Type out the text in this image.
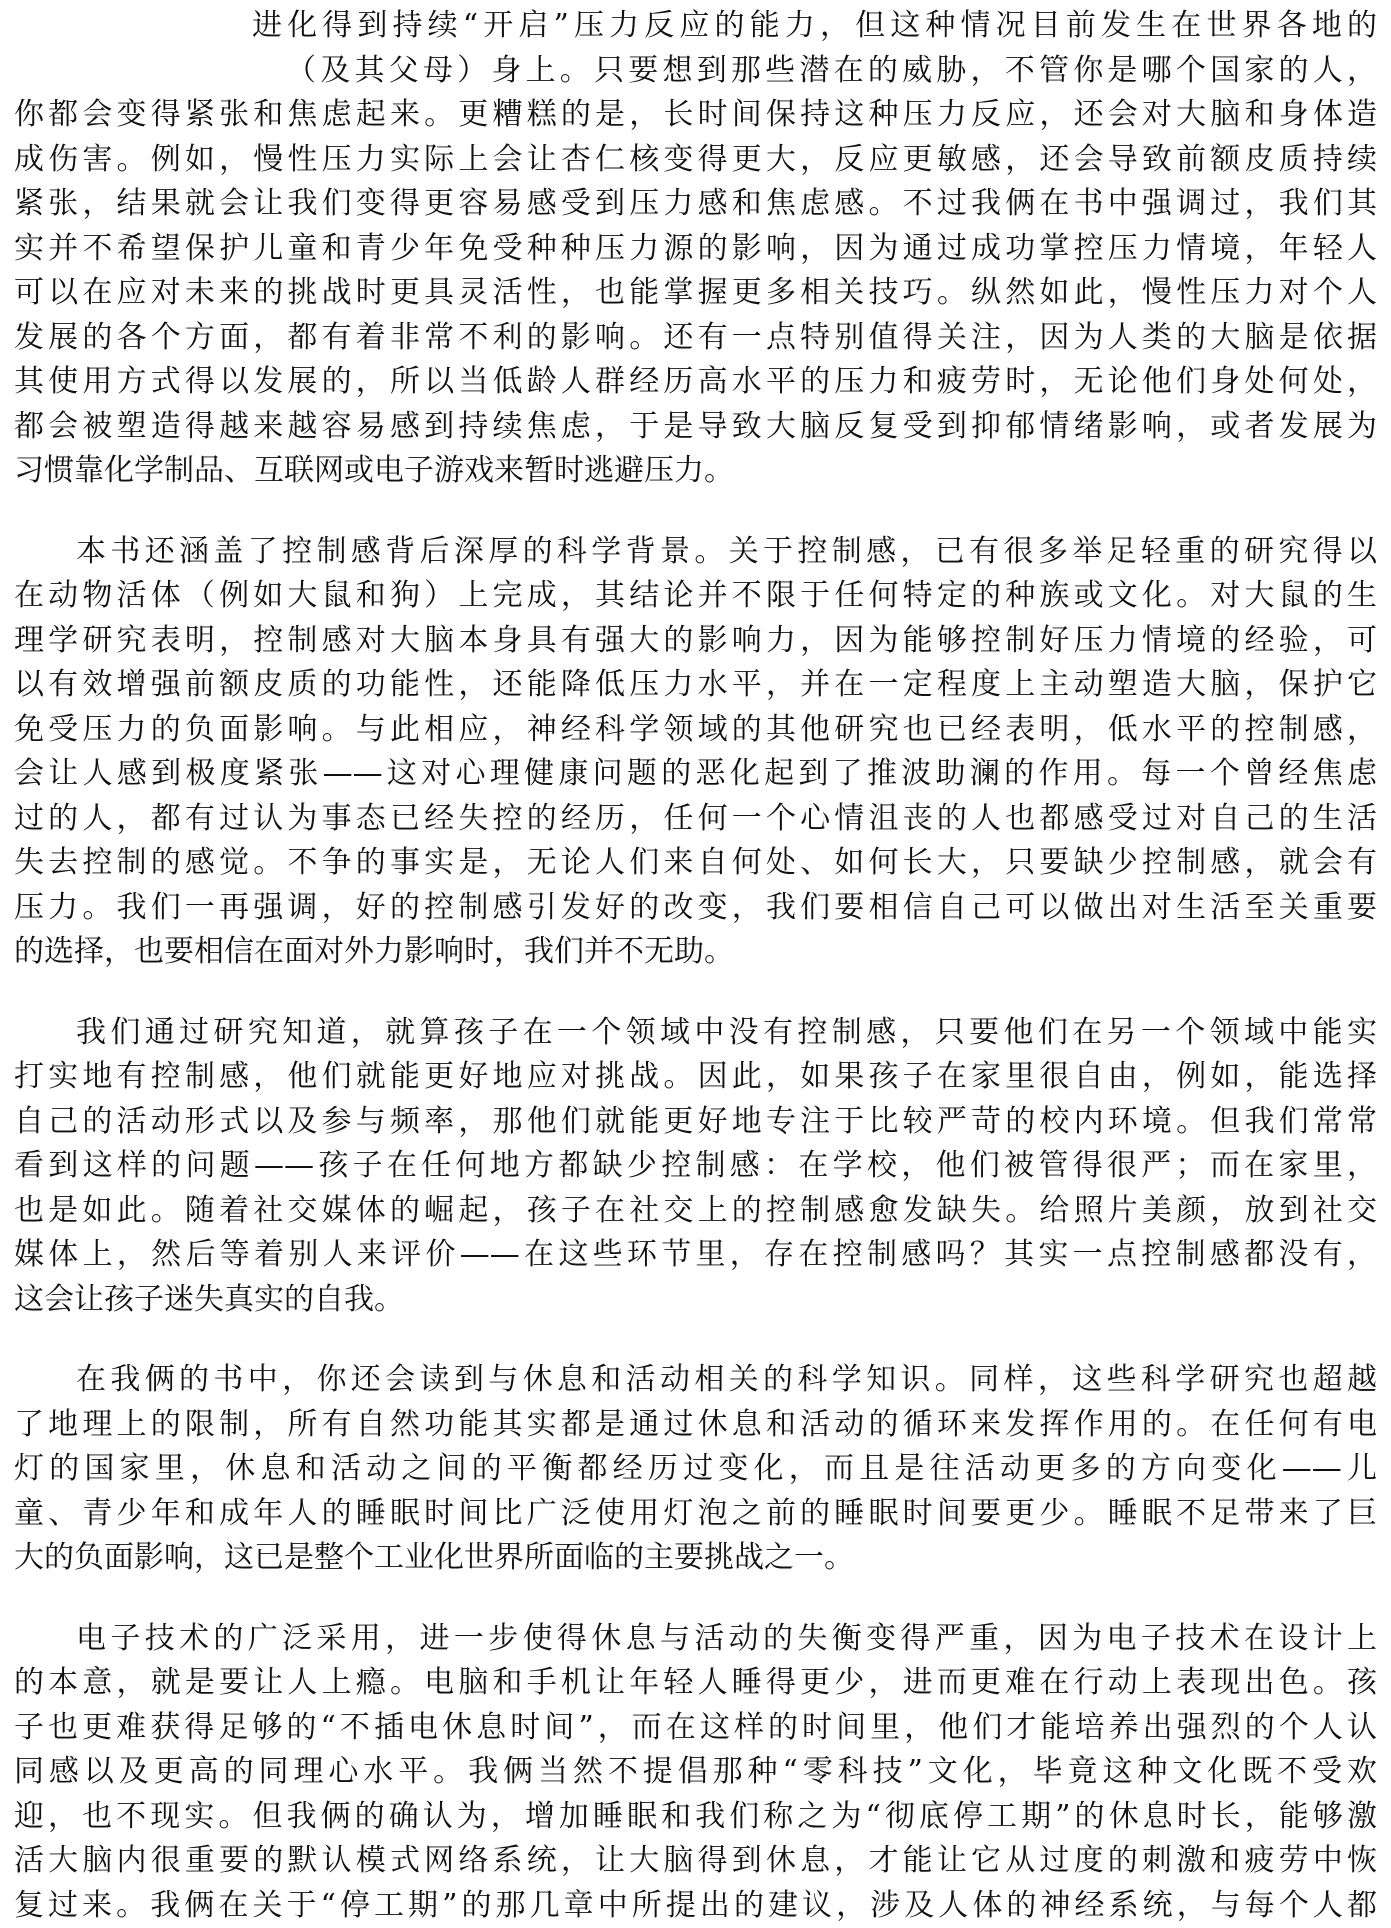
进化得到持续“开启”压力反应的能力，但这种情况目前发生在世界各地的
（及其父母）身上。只要想到那些潜在的威胁，不管你是哪个国家的人，
你都会变得紧张和焦虑起来。更糟糕的是，长时间保持这种压力反应，还会对大脑和身体造
成伤害。例如，慢性压力实际上会让杏仁核变得更大，反应更敏感，还会导致前额皮质持续
紧张，结果就会让我们变得更容易感受到压力感和焦虑感。不过我俩在书中强调过，我们其
实并不希望保护儿童和青少年免受种种压力源的影响，因为通过成功掌控压力情境，年轻人
可以在应对未来的挑战时更具灵活性，也能掌握更多相关技巧。纵然如此，慢性压力对个人
发展的各个方面，都有着非常不利的影响。还有一点特别值得关注，因为人类的大脑是依据
其使用方式得以发展的，所以当低龄人群经历高水平的压力和疲劳时，无论他们身处何处，
都会被塑造得越来越容易感到持续焦虑，于是导致大脑反复受到抑郁情绪影响，或者发展为
习惯靠化学制品、互联网或电子游戏来暂时逃避压力。
本书还涵盖了控制感背后深厚的科学背景。关于控制感，已有很多举足轻重的研究得以
在动物活体（例如大鼠和狗）上完成，其结论并不限于任何特定的种族或文化。对大鼠的生
理学研究表明，控制感对大脑本身具有强大的影响力，因为能够控制好压力情境的经验，可
以有效增强前额皮质的功能性，还能降低压力水平，并在一定程度上主动塑造大脑，保护它
免受压力的负面影响。与此相应，神经科学领域的其他研究也已经表明，低水平的控制感，
会让人感到极度紧张——这对心理健康问题的恶化起到了推波助澜的作用。每一个曾经焦虑
过的人，都有过认为事态已经失控的经历，任何一个心情沮丧的人也都感受过对自己的生活
失去控制的感觉。不争的事实是，无论人们来自何处、如何长大，只要缺少控制感，就会有
压力。我们一再强调，好的控制感引发好的改变，我们要相信自己可以做出对生活至关重要
的选择，也要相信在面对外力影响时，我们并不无助。
我们通过研究知道，就算孩子在一个领域中没有控制感，只要他们在另一个领域中能实
打实地有控制感，他们就能更好地应对挑战。因此，如果孩子在家里很自由，例如，能选择
自己的活动形式以及参与频率，那他们就能更好地专注于比较严苛的校内环境。但我们常常
看到这样的问题——孩子在任何地方都缺少控制感：在学校，他们被管得很严；而在家里，
也是如此。随着社交媒体的崛起，孩子在社交上的控制感愈发缺失。给照片美颜，放到社交
媒体上，然后等着别人来评价——在这些环节里，存在控制感吗？其实一点控制感都没有，
这会让孩子迷失真实的自我。
在我俩的书中，你还会读到与休息和活动相关的科学知识。同样，这些科学研究也超越
了地理上的限制，所有自然功能其实都是通过休息和活动的循环来发挥作用的。在任何有电
灯的国家里，休息和活动之间的平衡都经历过变化，而且是往活动更多的方向变化——儿
童、青少年和成年人的睡眠时间比广泛使用灯泡之前的睡眠时间要更少。睡眠不足带来了巨
大的负面影响，这已是整个工业化世界所面临的主要挑战之一。
电子技术的广泛采用，进一步使得休息与活动的失衡变得严重，因为电子技术在设计上
的本意，就是要让人上瘾。电脑和手机让年轻人睡得更少，进而更难在行动上表现出色。孩
子也更难获得足够的“不插电休息时间”，而在这样的时间里，他们才能培养出强烈的个人认
同感以及更高的同理心水平。我俩当然不提倡那种“零科技”文化，毕竟这种文化既不受欢
迎，也不现实。但我俩的确认为，增加睡眠和我们称之为“彻底停工期”的休息时长，能够激
活大脑内很重要的默认模式网络系统，让大脑得到休息，才能让它从过度的刺激和疲劳中恢
复过来。我俩在关于“停工期”的那几章中所提出的建议，涉及人体的神经系统，与每个人都
